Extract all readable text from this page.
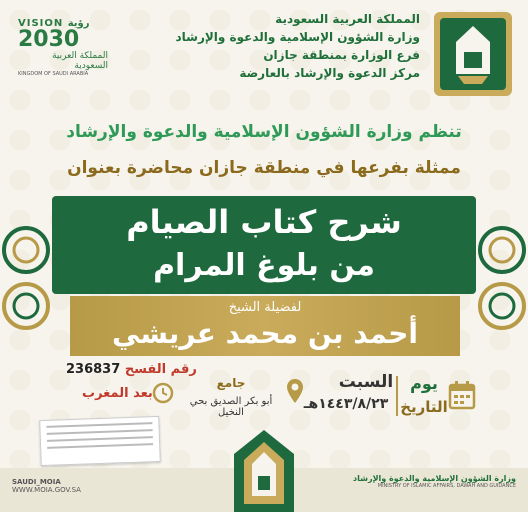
المملكة العربية السعودية
وزارة الشؤون الإسلامية والدعوة والإرشاد
فرع الوزارة بمنطقة جازان
مركز الدعوة والإرشاد بالعارضة
VISION رؤية
2030
المملكة العربية السعودية
KINGDOM OF SAUDI ARABIA
تنظم وزارة الشؤون الإسلامية والدعوة والإرشاد
ممثلة بفرعها في منطقة جازان محاضرة بعنوان
شرح كتاب الصيام
من بلوغ المرام
لفضيلة الشيخ
أحمد بن محمد عريشي
رقم الفسح 236837
بعد المغرب
جامع
أبو بكر الصديق بحي النخيل
السبت
١٤٤٣/٨/٢٣هـ
يوم
التاريخ
وزارة الشؤون الإسلامية والدعوة والإرشاد
MINISTRY OF ISLAMIC AFFAIRS, DAWAH AND GUIDANCE
SAUDI_MOIA
WWW.MOIA.GOV.SA
